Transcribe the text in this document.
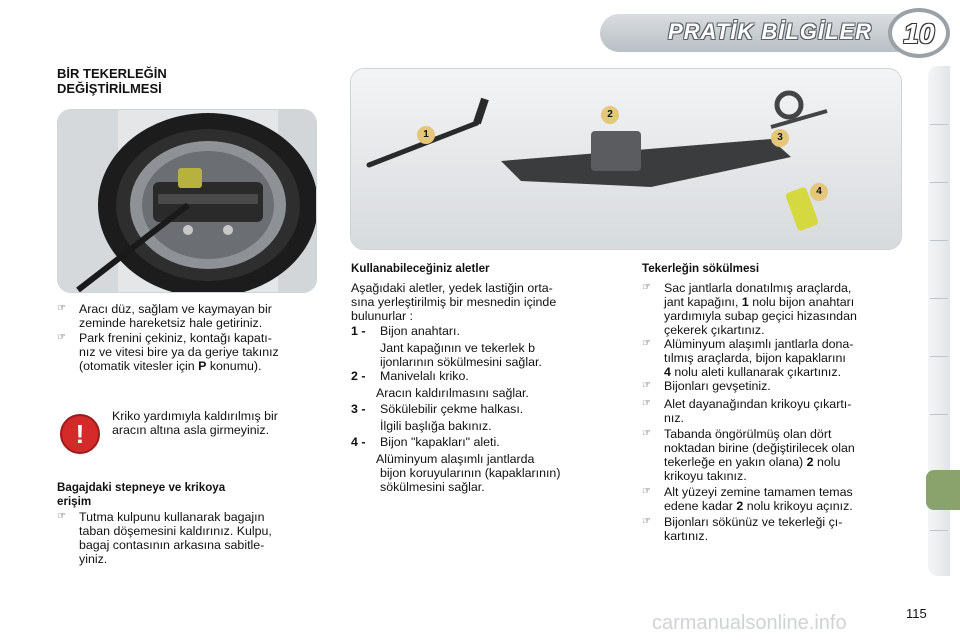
PRATİK BİLGİLER	10
BİR TEKERLEĞİN
DEĞİŞTİRİLMESİ
1
2
3
4
☞	Aracı düz, sağlam ve kaymayan bir
zeminde hareketsiz hale getiriniz.
☞	Park frenini çekiniz, kontağı kapatı-
nız ve vitesi bire ya da geriye takınız
(otomatik vitesler için P konumu).
!
Kriko yardımıyla kaldırılmış bir
aracın altına asla girmeyiniz.
Bagajdaki stepneye ve krikoya
erişim
☞	Tutma kulpunu kullanarak bagajın
taban döşemesini kaldırınız. Kulpu,
bagaj contasının arkasına sabitle-
yiniz.
Kullanabileceğiniz aletler
Aşağıdaki aletler, yedek lastiğin orta-
sına yerleştirilmiş bir mesnedin içinde
bulunurlar :
1 - Bijon anahtarı.
Jant kapağının ve tekerlek b
ijonlarının sökülmesini sağlar.
2 - Manivelalı kriko.
Aracın kaldırılmasını sağlar.
3 - Sökülebilir çekme halkası.
İlgili başlığa bakınız.
4 - Bijon "kapakları" aleti.
Alüminyum alaşımlı jantlarda
bijon koruyularının (kapaklarının)
sökülmesini sağlar.
Tekerleğin sökülmesi
☞	Sac jantlarla donatılmış araçlarda,
jant kapağını, 1 nolu bijon anahtarı
yardımıyla subap geçici hizasından
çekerek çıkartınız.
☞	Alüminyum alaşımlı jantlarla dona-
tılmış araçlarda, bijon kapaklarını
4 nolu aleti kullanarak çıkartınız.
☞	Bijonları gevşetiniz.
☞	Alet dayanağından krikoyu çıkartı-
nız.
☞	Tabanda öngörülmüş olan dört
noktadan birine (değiştirilecek olan
tekerleğe en yakın olana) 2 nolu
krikoyu takınız.
☞	Alt yüzeyi zemine tamamen temas
edene kadar 2 nolu krikoyu açınız.
☞	Bijonları sökünüz ve tekerleği çı-
kartınız.
carmanualsonline.info	115
